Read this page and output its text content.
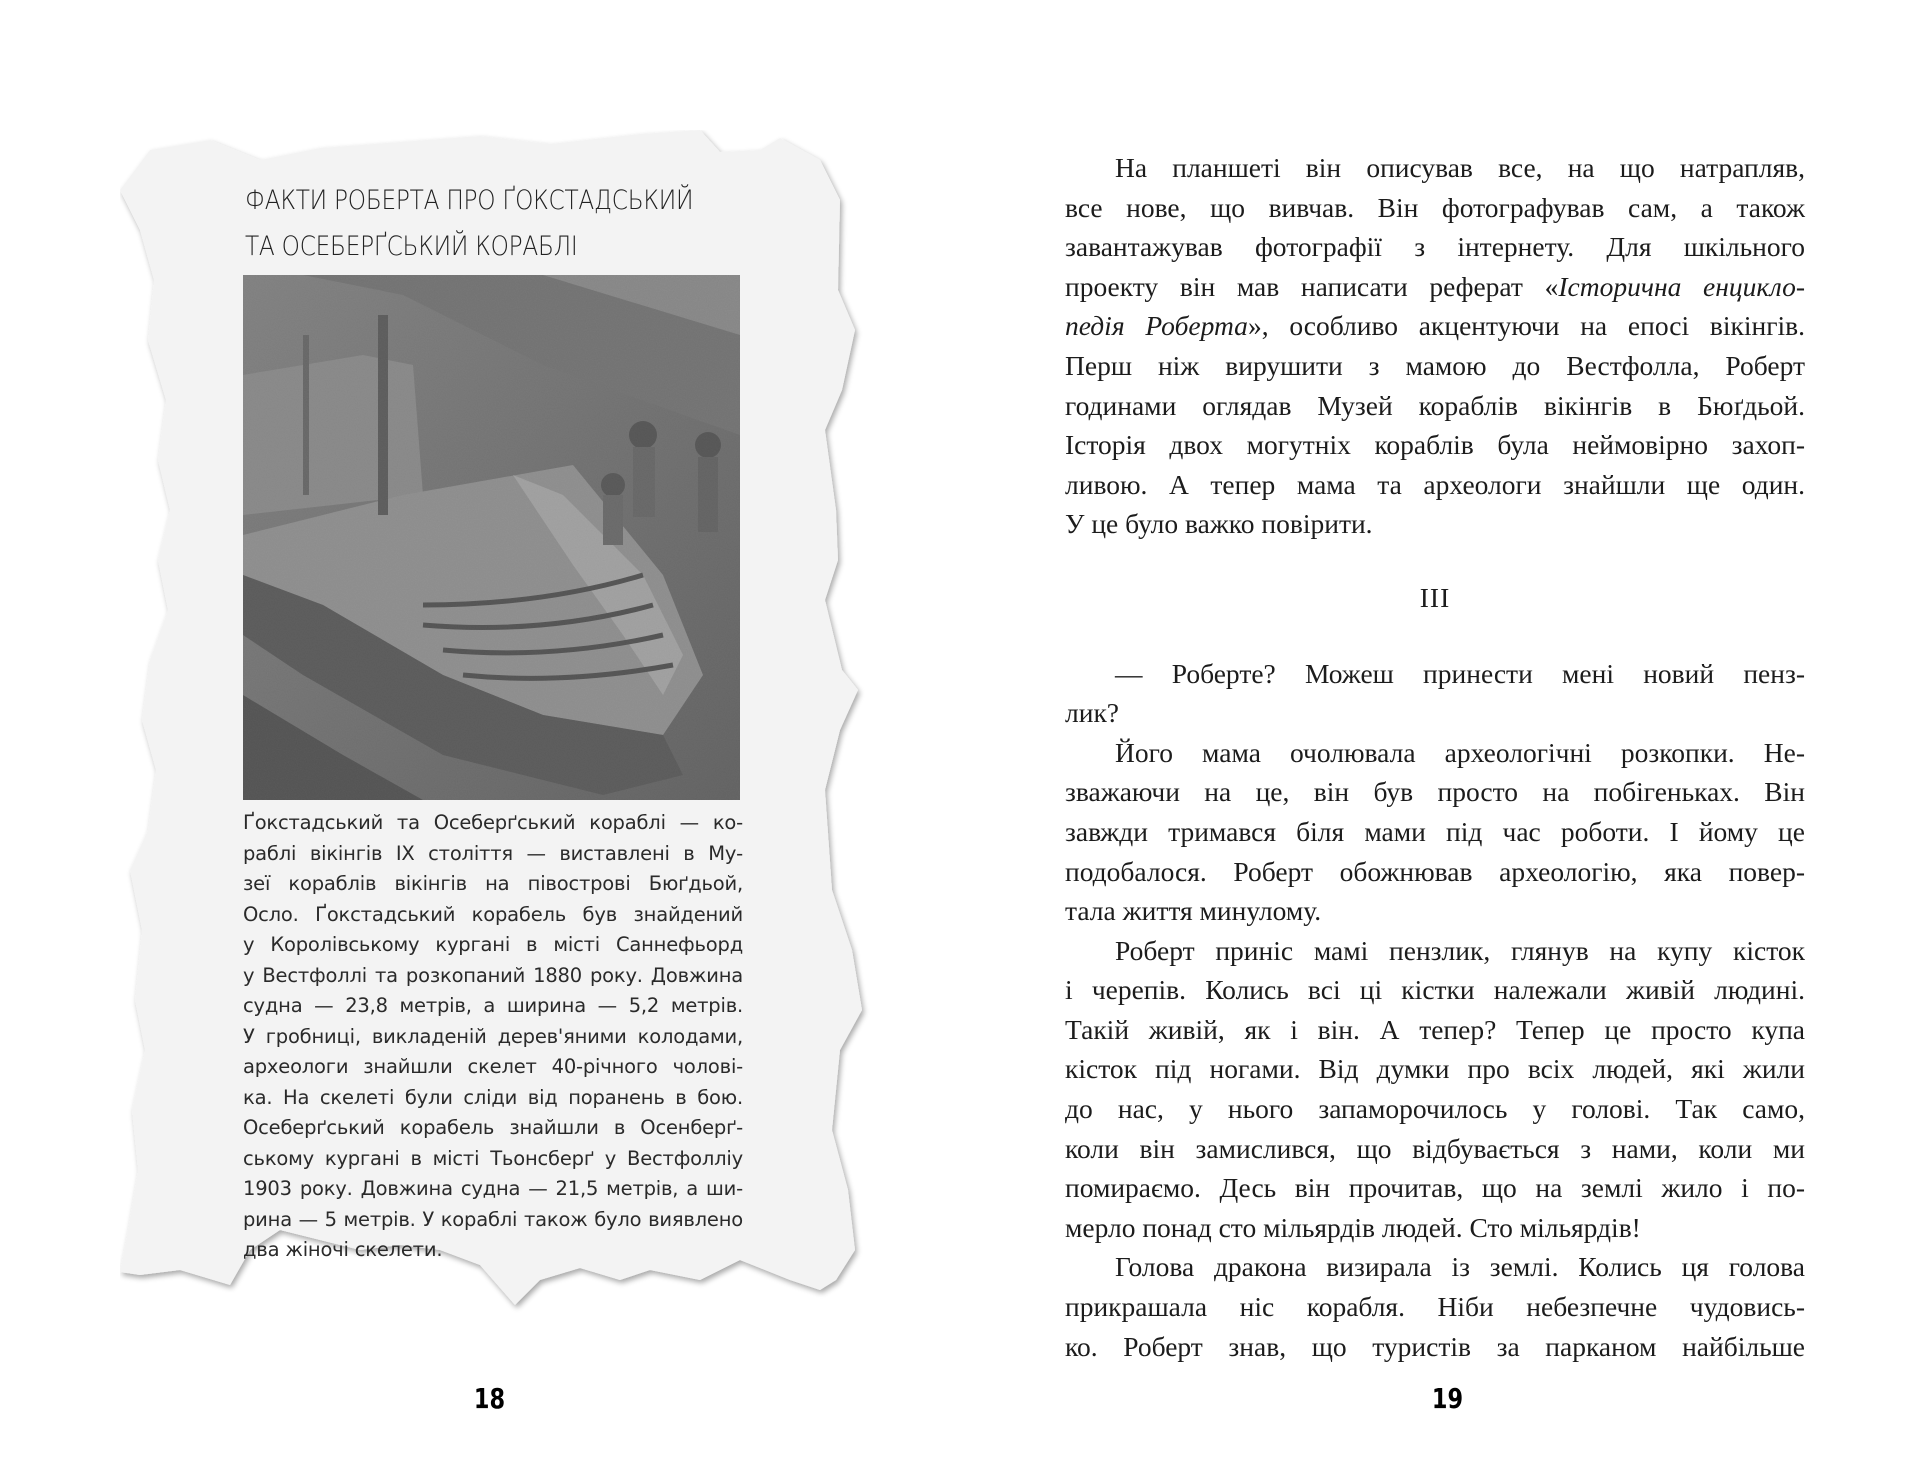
ФАКТИ РОБЕРТА ПРО ҐОКСТАДСЬКИЙ
ТА ОСЕБЕРҐСЬКИЙ КОРАБЛІ
Ґокстадський та Осеберґський кораблі — ко-
раблі вікінгів IX століття — виставлені в Му-
зеї кораблів вікінгів на півострові Бюґдьой,
Осло. Ґокстадський корабель був знайдений
у Королівському кургані в місті Саннефьорд
у Вестфоллі та розкопаний 1880 року. Довжина
судна — 23,8 метрів, а ширина — 5,2 метрів.
У гробниці, викладеній дерев'яними колодами,
археологи знайшли скелет 40-річного чолові-
ка. На скелеті були сліди від поранень в бою.
Осеберґський корабель знайшли в Осенберґ-
ському кургані в місті Тьонсберґ у Вестфолліу
1903 року. Довжина судна — 21,5 метрів, а ши-
рина — 5 метрів. У кораблі також було виявлено
два жіночі скелети.
18
На планшеті він описував все, на що натрапляв,
все нове, що вивчав. Він фотографував сам, а також
завантажував фотографії з інтернету. Для шкільного
проекту він мав написати реферат «Історична енцикло-
педія Роберта», особливо акцентуючи на епосі вікінгів.
Перш ніж вирушити з мамою до Вестфолла, Роберт
годинами оглядав Музей кораблів вікінгів в Бюґдьой.
Історія двох могутніх кораблів була неймовірно захоп-
ливою. А тепер мама та археологи знайшли ще один.
У це було важко повірити.
III
— Роберте? Можеш принести мені новий пенз-
лик?
Його мама очолювала археологічні розкопки. Не-
зважаючи на це, він був просто на побігеньках. Він
завжди тримався біля мами під час роботи. І йому це
подобалося. Роберт обожнював археологію, яка повер-
тала життя минулому.
Роберт приніс мамі пензлик, глянув на купу кісток
і черепів. Колись всі ці кістки належали живій людині.
Такій живій, як і він. А тепер? Тепер це просто купа
кісток під ногами. Від думки про всіх людей, які жили
до нас, у нього запаморочилось у голові. Так само,
коли він замислився, що відбувається з нами, коли ми
помираємо. Десь він прочитав, що на землі жило і по-
мерло понад сто мільярдів людей. Сто мільярдів!
Голова дракона визирала із землі. Колись ця голова
прикрашала ніс корабля. Ніби небезпечне чудовись-
ко. Роберт знав, що туристів за парканом найбільше
19
